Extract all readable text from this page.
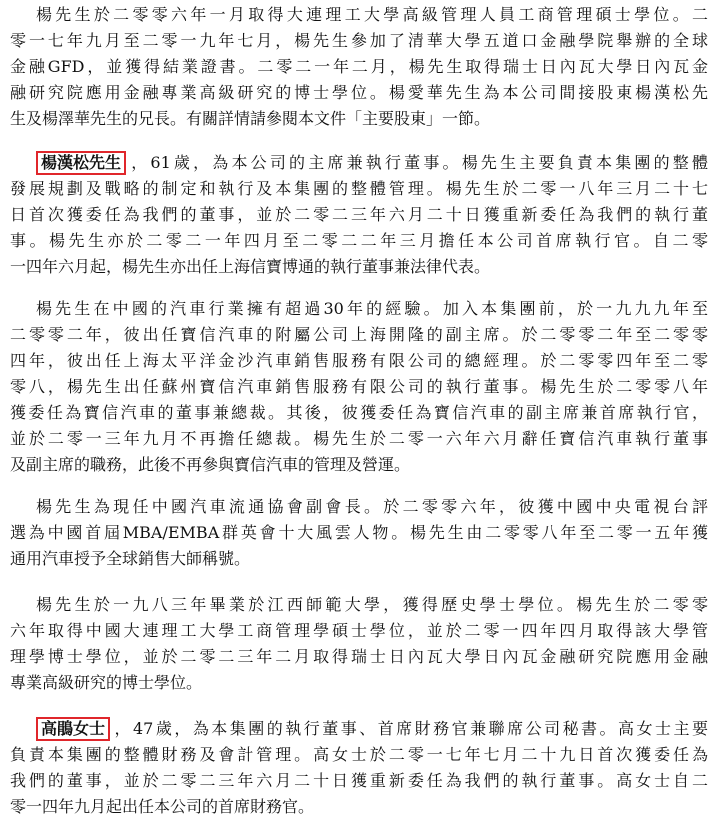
楊先生於二零零六年一月取得大連理工大學高級管理人員工商管理碩士學位。二
零一七年九月至二零一九年七月，楊先生參加了清華大學五道口金融學院舉辦的全球
金融GFD，並獲得結業證書。二零二一年二月，楊先生取得瑞士日內瓦大學日內瓦金
融研究院應用金融專業高級研究的博士學位。楊愛華先生為本公司間接股東楊漢松先
生及楊澤華先生的兄長。有關詳情請參閱本文件「主要股東」一節。
楊漢松先生 ，61歲，為本公司的主席兼執行董事。楊先生主要負責本集團的整體
發展規劃及戰略的制定和執行及本集團的整體管理。楊先生於二零一八年三月二十七
日首次獲委任為我們的董事，並於二零二三年六月二十日獲重新委任為我們的執行董
事。楊先生亦於二零二一年四月至二零二二年三月擔任本公司首席執行官。自二零
一四年六月起，楊先生亦出任上海信寶博通的執行董事兼法律代表。
楊先生在中國的汽車行業擁有超過30年的經驗。加入本集團前，於一九九九年至
二零零二年，彼出任寶信汽車的附屬公司上海開隆的副主席。於二零零二年至二零零
四年，彼出任上海太平洋金沙汽車銷售服務有限公司的總經理。於二零零四年至二零
零八，楊先生出任蘇州寶信汽車銷售服務有限公司的執行董事。楊先生於二零零八年
獲委任為寶信汽車的董事兼總裁。其後，彼獲委任為寶信汽車的副主席兼首席執行官，
並於二零一三年九月不再擔任總裁。楊先生於二零一六年六月辭任寶信汽車執行董事
及副主席的職務，此後不再參與寶信汽車的管理及營運。
楊先生為現任中國汽車流通協會副會長。於二零零六年，彼獲中國中央電視台評
選為中國首屆MBA/EMBA群英會十大風雲人物。楊先生由二零零八年至二零一五年獲
通用汽車授予全球銷售大師稱號。
楊先生於一九八三年畢業於江西師範大學，獲得歷史學士學位。楊先生於二零零
六年取得中國大連理工大學工商管理學碩士學位，並於二零一四年四月取得該大學管
理學博士學位，並於二零二三年二月取得瑞士日內瓦大學日內瓦金融研究院應用金融
專業高級研究的博士學位。
高鵑女士 ，47歲，為本集團的執行董事、首席財務官兼聯席公司秘書。高女士主要
負責本集團的整體財務及會計管理。高女士於二零一七年七月二十九日首次獲委任為
我們的董事，並於二零二三年六月二十日獲重新委任為我們的執行董事。高女士自二
零一四年九月起出任本公司的首席財務官。
